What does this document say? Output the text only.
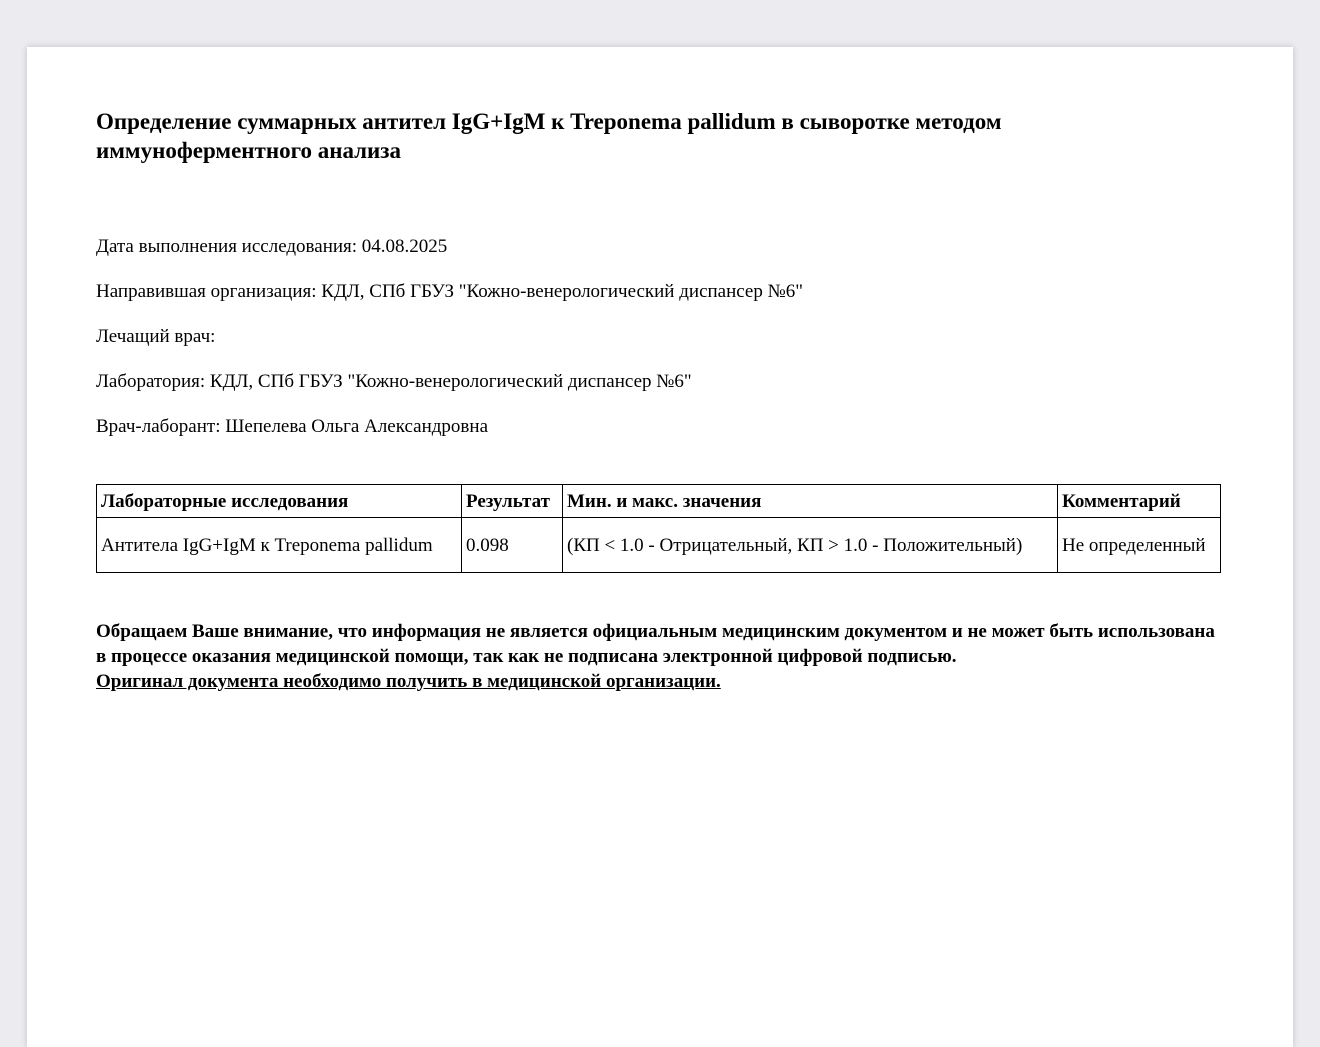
Определение суммарных антител IgG+IgM к Treponema pallidum в сыворотке методом иммуноферментного анализа

Дата выполнения исследования: 04.08.2025

Направившая организация: КДЛ, СПб ГБУЗ "Кожно-венерологический диспансер №6"

Лечащий врач:

Лаборатория: КДЛ, СПб ГБУЗ "Кожно-венерологический диспансер №6"

Врач-лаборант: Шепелева Ольга Александровна

Лабораторные исследования	Результат	Мин. и макс. значения	Комментарий
Антитела IgG+IgM к Treponema pallidum	0.098	(КП < 1.0 - Отрицательный, КП > 1.0 - Положительный)	Не определенный
Обращаем Ваше внимание, что информация не является официальным медицинским документом и не может быть использована в процессе оказания медицинской помощи, так как не подписана электронной цифровой подписью.
Оригинал документа необходимо получить в медицинской организации.
